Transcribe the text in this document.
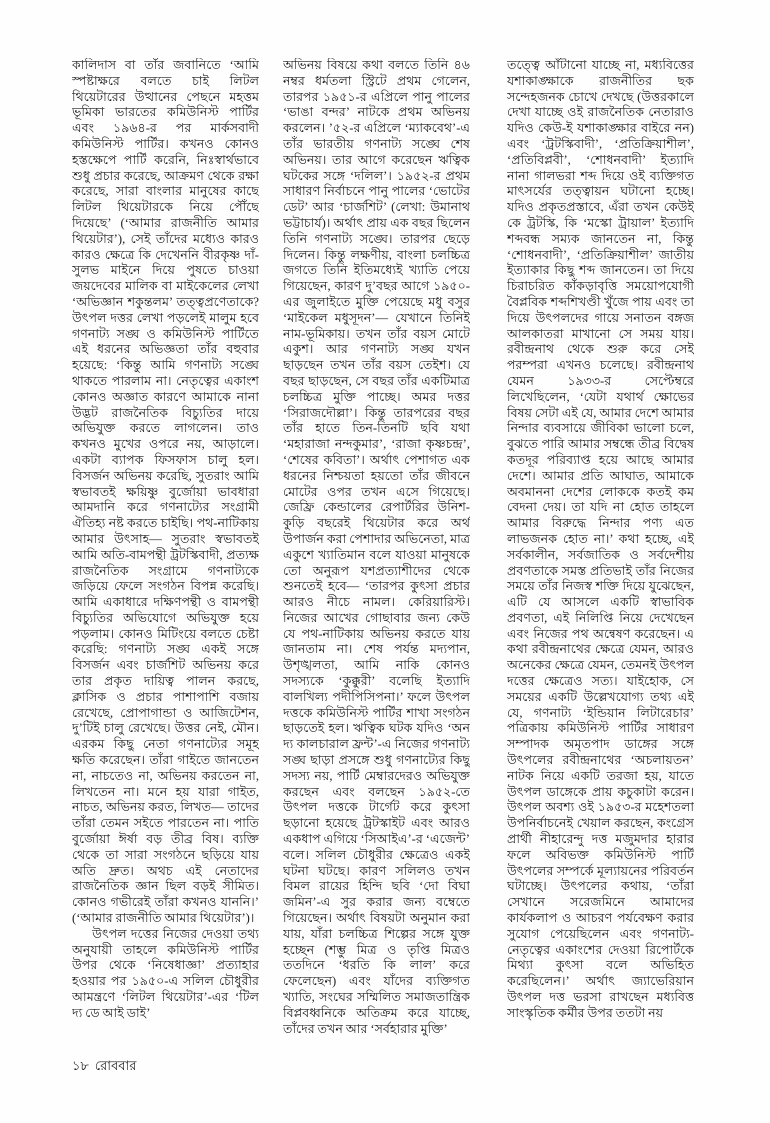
কালিদাস বা তাঁর জবানিতে ‘আমি স্পষ্টাক্ষরে বলতে চাই লিটল থিয়েটারের উত্থানের পেছনে মহত্তম ভূমিকা ভারতের কমিউনিস্ট পার্টির এবং ১৯৬৪-র পর মার্কসবাদী কমিউনিস্ট পার্টির। কখনও কোনও হস্তক্ষেপে পার্টি করেনি, নিঃস্বার্থভাবে শুধু প্রচার করেছে, আক্রমণ থেকে রক্ষা করেছে, সারা বাংলার মানুষের কাছে লিটল থিয়েটারকে নিয়ে পৌঁছে দিয়েছে’ (‘আমার রাজনীতি আমার থিয়েটার’), সেই তাঁদের মধ্যেও কারও কারও ক্ষেত্রে কি দেখেননি বীরকৃষ্ণ দাঁ-সুলভ মাইনে দিয়ে পুষতে চাওয়া জয়দেবের মালিক বা মাইকেলের লেখা ‘অভিজ্ঞান শকুন্তলম’ তত্ত্বপ্রণেতাকে? উৎপল দত্তর লেখা পড়লেই মালুম হবে গণনাট্য সঙ্ঘ ও কমিউনিস্ট পার্টিতে এই ধরনের অভিজ্ঞতা তাঁর বহুবার হয়েছে: ‘কিন্তু আমি গণনাট্য সঙ্ঘে থাকতে পারলাম না। নেতৃত্বের একাংশ কোনও অজ্ঞাত কারণে আমাকে নানা উদ্ভট রাজনৈতিক বিচ্যুতির দায়ে অভিযুক্ত করতে লাগলেন। তাও কখনও মুখের ওপরে নয়, আড়ালে। একটা ব্যাপক ফিসফাস চালু হল। বিসর্জন অভিনয় করেছি, সুতরাং আমি স্বভাবতই ক্ষয়িষ্ণু বুর্জোয়া ভাবধারা আমদানি করে গণনাট্যের সংগ্রামী ঐতিহ্য নষ্ট করতে চাইছি। পথ-নাটিকায় আমার উৎসাহ— সুতরাং স্বভাবতই আমি অতি-বামপন্থী ট্রটস্কিবাদী, প্রত্যক্ষ রাজনৈতিক সংগ্রামে গণনাট্যকে জড়িয়ে ফেলে সংগঠন বিপন্ন করেছি। আমি একাধারে দক্ষিণপন্থী ও বামপন্থী বিচ্যুতির অভিযোগে অভিযুক্ত হয়ে পড়লাম। কোনও মিটিংয়ে বলতে চেষ্টা করেছি: গণনাট্য সঙ্ঘ একই সঙ্গে বিসর্জন এবং চার্জশিট অভিনয় করে তার প্রকৃত দায়িত্ব পালন করছে, ক্লাসিক ও প্রচার পাশাপাশি বজায় রেখেছে, প্রোপাগান্ডা ও আজিটেশন, দু’টিই চালু রেখেছে। উত্তর নেই, মৌন। এরকম কিছু নেতা গণনাট্যের সমূহ ক্ষতি করেছেন। তাঁরা গাইতে জানতেন না, নাচতেও না, অভিনয় করতেন না, লিখতেন না। মনে হয় যারা গাইত, নাচত, অভিনয় করত, লিখত— তাদের তাঁরা তেমন সইতে পারতেন না। পাতি বুর্জোয়া ঈর্ষা বড় তীব্র বিষ। ব্যক্তি থেকে তা সারা সংগঠনে ছড়িয়ে যায় অতি দ্রুত। অথচ এই নেতাদের রাজনৈতিক জ্ঞান ছিল বড়ই সীমিত। কোনও গভীরেই তাঁরা কখনও যাননি।’ (‘আমার রাজনীতি আমার থিয়েটার’)।

উৎপল দত্তের নিজের দেওয়া তথ্য অনুযায়ী তাহলে কমিউনিস্ট পার্টির উপর থেকে ‘নিষেধাজ্ঞা’ প্রত্যাহার হওয়ার পর ১৯৫০-এ সলিল চৌধুরীর আমন্ত্রণে ‘লিটল থিয়েটার’-এর ‘টিল দ্য ডে আই ডাই’

অভিনয় বিষয়ে কথা বলতে তিনি ৪৬ নম্বর ধর্মতলা স্ট্রিটে প্রথম গেলেন, তারপর ১৯৫১-র এপ্রিলে পানু পালের ‘ভাঙা বন্দর’ নাটকে প্রথম অভিনয় করলেন। ’৫২-র এপ্রিলে ‘ম্যাকবেথ’-এ তাঁর ভারতীয় গণনাট্য সঙ্ঘে শেষ অভিনয়। তার আগে করেছেন ঋত্বিক ঘটকের সঙ্গে ‘দলিল’। ১৯৫২-র প্রথম সাধারণ নির্বাচনে পানু পালের ‘ভোটের ডেট’ আর ‘চার্জশিট’ (লেখা: উমানাথ ভট্টাচার্য)। অর্থাৎ প্রায় এক বছর ছিলেন তিনি গণনাট্য সঙ্ঘে। তারপর ছেড়ে দিলেন। কিন্তু লক্ষণীয়, বাংলা চলচ্চিত্র জগতে তিনি ইতিমধ্যেই খ্যাতি পেয়ে গিয়েছেন, কারণ দু’বছর আগে ১৯৫০-এর জুলাইতে মুক্তি পেয়েছে মধু বসুর ‘মাইকেল মধুসূদন’— যেখানে তিনিই নাম-ভূমিকায়। তখন তাঁর বয়স মোটে একুশ। আর গণনাট্য সঙ্ঘ যখন ছাড়ছেন তখন তাঁর বয়স তেইশ। যে বছর ছাড়ছেন, সে বছর তাঁর একটিমাত্র চলচ্চিত্র মুক্তি পাচ্ছে। অমর দত্তর ‘সিরাজদৌল্লা’। কিন্তু তারপরের বছর তাঁর হাতে তিন-তিনটি ছবি যথা ‘মহারাজা নন্দকুমার’, ‘রাজা কৃষ্ণচন্দ্র’, ‘শেষের কবিতা’। অর্থাৎ পেশাগত এক ধরনের নিশ্চয়তা হয়তো তাঁর জীবনে মোটের ওপর তখন এসে গিয়েছে। জেফ্রি কেন্ডালের রেপার্টরির উনিশ-কুড়ি বছরেই থিয়েটার করে অর্থ উপার্জন করা পেশাদার অভিনেতা, মাত্র একুশে খ্যাতিমান বলে যাওয়া মানুষকে তো অনুরূপ যশপ্রত্যাশীদের থেকে শুনতেই হবে— ‘তারপর কুৎসা প্রচার আরও নীচে নামল। কেরিয়ারিস্ট। নিজের আখের গোছাবার জন্য কেউ যে পথ-নাটিকায় অভিনয় করতে যায় জানতাম না। শেষ পর্যন্ত মদ্যপান, উশৃঙ্খলতা, আমি নাকি কোনও সদস্যকে ‘কুক্কুরী’ বলেছি ইত্যাদি বালখিল্য পদীপিসিপনা।’ ফলে উৎপল দত্তকে কমিউনিস্ট পার্টির শাখা সংগঠন ছাড়তেই হল। ঋত্বিক ঘটক যদিও ‘অন দ্য কালচারাল ফ্রন্ট’-এ নিজের গণনাট্য সঙ্ঘ ছাড়া প্রসঙ্গে শুধু গণনাট্যের কিছু সদস্য নয়, পার্টি মেম্বারদেরও অভিযুক্ত করছেন এবং বলছেন ১৯৫২-তে উৎপল দত্তকে টার্গেট করে কুৎসা ছড়ানো হয়েছে ট্রটস্কাইট এবং আরও একধাপ এগিয়ে ‘সিআইএ’-র ‘এজেন্ট’ বলে। সলিল চৌধুরীর ক্ষেত্রেও একই ঘটনা ঘটছে। কারণ সলিলও তখন বিমল রায়ের হিন্দি ছবি ‘দো বিঘা জমিন’-এ সুর করার জন্য বম্বেতে গিয়েছেন। অর্থাৎ বিষয়টা অনুমান করা যায়, যাঁরা চলচ্চিত্র শিল্পের সঙ্গে যুক্ত হচ্ছেন (শম্ভু মিত্র ও তৃপ্তি মিত্রও ততদিনে ‘ধরতি কি লাল’ করে ফেলেছেন) এবং যাঁদের ব্যক্তিগত খ্যাতি, সংঘের সম্মিলিত সমাজতান্ত্রিক বিপ্লবধ্বনিকে অতিক্রম করে যাচ্ছে, তাঁদের তখন আর ‘সর্বহারার মুক্তি’

তত্ত্বে আঁটানো যাচ্ছে না, মধ্যবিত্তের যশাকাঙ্ক্ষাকে রাজনীতির ছক সন্দেহজনক চোখে দেখছে (উত্তরকালে দেখা যাচ্ছে ওই রাজনৈতিক নেতারাও যদিও কেউ-ই যশাকাঙ্ক্ষার বাইরে নন) এবং ‘ট্রটস্কিবাদী’, ‘প্রতিক্রিয়াশীল’, ‘প্রতিবিপ্লবী’, ‘শোধনবাদী’ ইত্যাদি নানা গালভরা শব্দ দিয়ে ওই ব্যক্তিগত মাৎসর্যের তত্ত্বায়ন ঘটানো হচ্ছে। যদিও প্রকৃতপ্রস্তাবে, এঁরা তখন কেউই কে ট্রটস্কি, কি ‘মস্কো ট্রায়াল’ ইত্যাদি শব্দবন্ধ সম্যক জানতেন না, কিন্তু ‘শোধনবাদী’, ‘প্রতিক্রিয়াশীল’ জাতীয় ইত্যাকার কিছু শব্দ জানতেন। তা দিয়ে চিরাচরিত কাঁকড়াবৃত্তি সময়োপযোগী বৈপ্লবিক শব্দশিখণ্ডী খুঁজে পায় এবং তা দিয়ে উৎপলদের গায়ে সনাতন বঙ্গজ আলকাতরা মাখানো সে সময় যায়। রবীন্দ্রনাথ থেকে শুরু করে সেই পরম্পরা এখনও চলেছে। রবীন্দ্রনাথ যেমন ১৯৩৩-র সেপ্টেম্বরে লিখেছিলেন, ‘যেটা যথার্থ ক্ষোভের বিষয় সেটা এই যে, আমার দেশে আমার নিন্দার ব্যবসায়ে জীবিকা ভালো চলে, বুঝতে পারি আমার সম্বন্ধে তীব্র বিদ্বেষ কতদূর পরিব্যাপ্ত হয়ে আছে আমার দেশে। আমার প্রতি আঘাত, আমাকে অবমাননা দেশের লোককে কতই কম বেদনা দেয়। তা যদি না হোত তাহলে আমার বিরুদ্ধে নিন্দার পণ্য এত লাভজনক হোত না।’ কথা হচ্ছে, এই সর্বকালীন, সর্বজাতিক ও সর্বদেশীয় প্রবণতাকে সমস্ত প্রতিভাই তাঁর নিজের সময়ে তাঁর নিজস্ব শক্তি দিয়ে যুঝেছেন, এটি যে আসলে একটি স্বাভাবিক প্রবণতা, এই নিলিপ্তি নিয়ে দেখেছেন এবং নিজের পথ অন্বেষণ করেছেন। এ কথা রবীন্দ্রনাথের ক্ষেত্রে যেমন, আরও অনেকের ক্ষেত্রে যেমন, তেমনই উৎপল দত্তের ক্ষেত্রেও সত্য। যাইহোক, সে সময়ের একটি উল্লেখযোগ্য তথ্য এই যে, গণনাট্য ‘ইন্ডিয়ান লিটারেচার’ পত্রিকায় কমিউনিস্ট পার্টির সাধারণ সম্পাদক অমৃতপাদ ডাঙ্গের সঙ্গে উৎপলের রবীন্দ্রনাথের ‘অচলায়তন’ নাটক নিয়ে একটি তরজা হয়, যাতে উৎপল ডাঙ্গেকে প্রায় কচুকাটা করেন। উৎপল অবশ্য ওই ১৯৫৩-র মহেশতলা উপনির্বাচনেই খেয়াল করছেন, কংগ্রেস প্রার্থী নীহারেন্দু দত্ত মজুমদার হারার ফলে অবিভক্ত কমিউনিস্ট পার্টি উৎপলের সম্পর্কে মূল্যায়নের পরিবর্তন ঘটাচ্ছে। উৎপলের কথায়, ‘তাঁরা সেখানে সরেজমিনে আমাদের কার্যকলাপ ও আচরণ পর্যবেক্ষণ করার সুযোগ পেয়েছিলেন এবং গণনাট্য-নেতৃত্বের একাংশের দেওয়া রিপোর্টকে মিথ্যা কুৎসা বলে অভিহিত করেছিলেন।’ অর্থাৎ জ্যাভেরিয়ান উৎপল দত্ত ভরসা রাখছেন মধ্যবিত্ত সাংস্কৃতিক কর্মীর উপর ততটা নয়

১৮ রোববার
